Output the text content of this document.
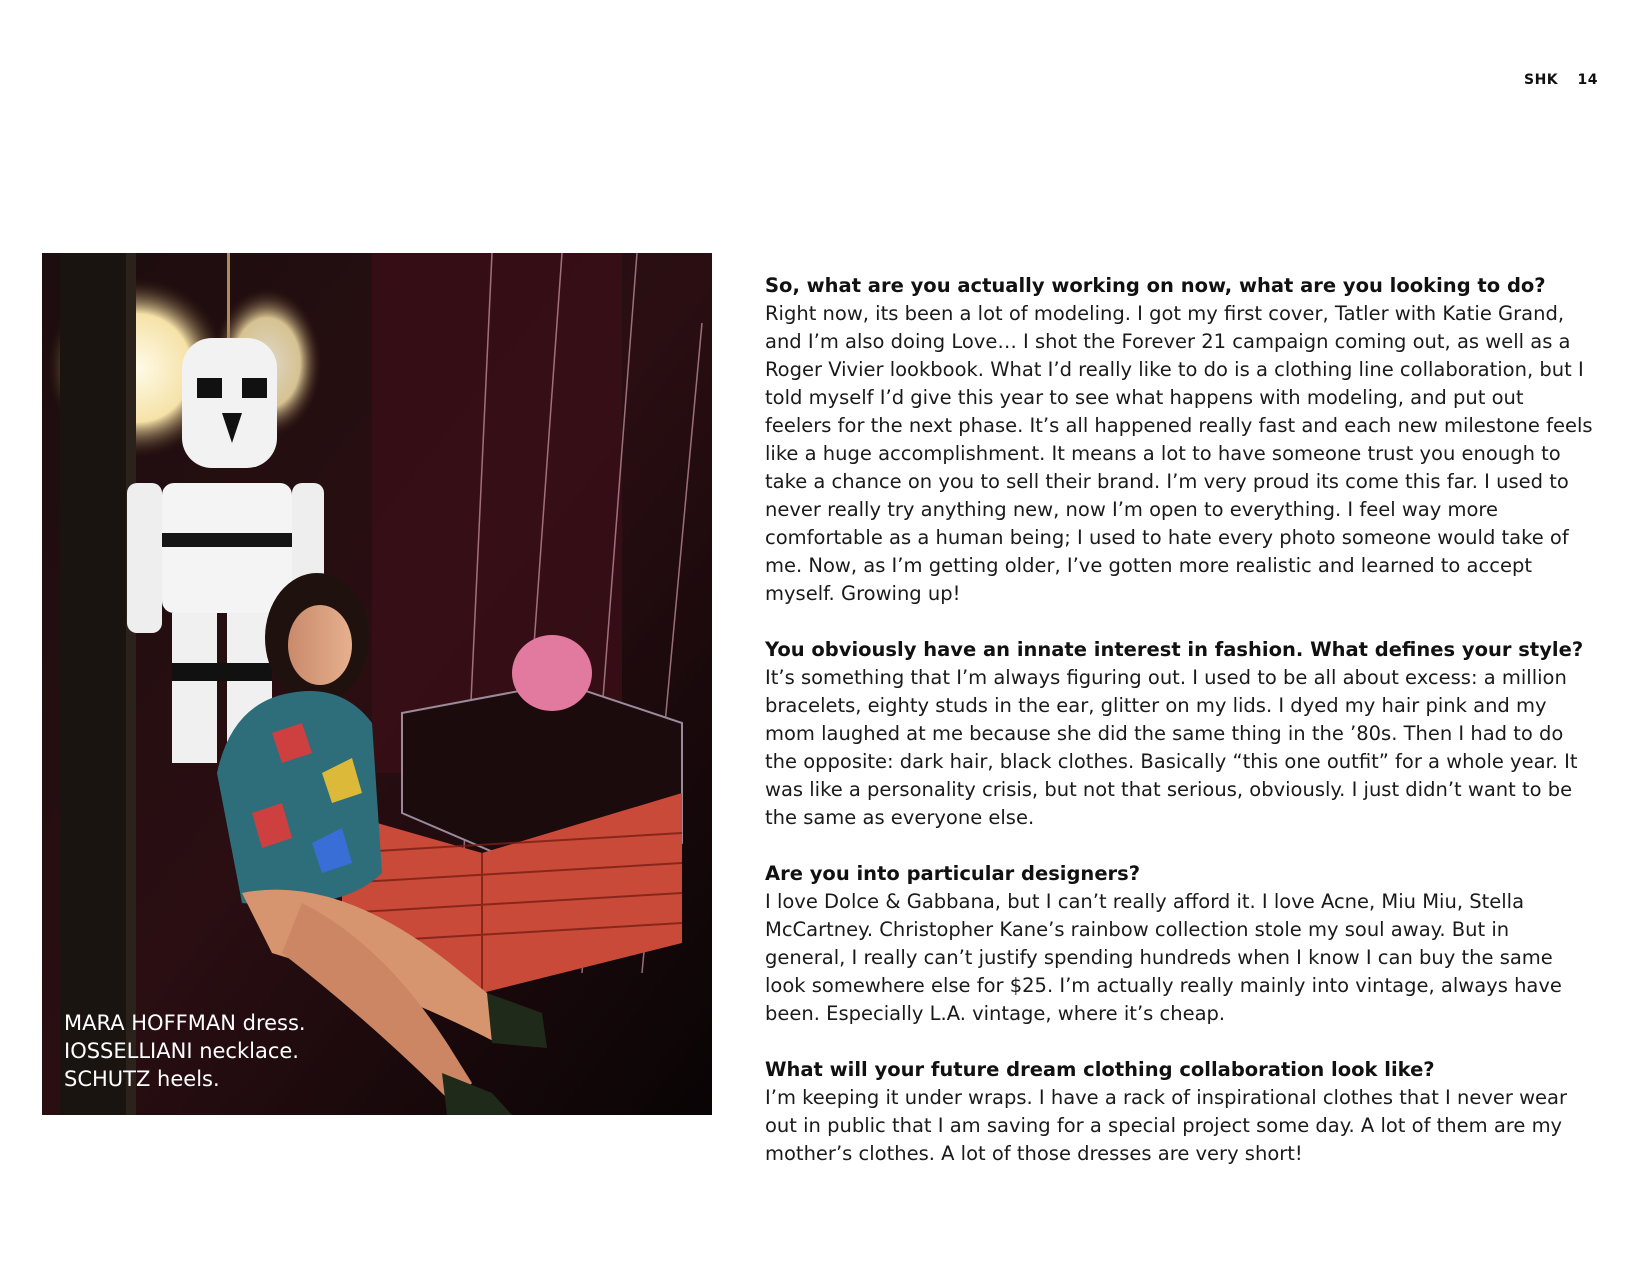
SHK 14
MARA HOFFMAN dress.
IOSSELLIANI necklace.
SCHUTZ heels.
So, what are you actually working on now, what are you looking to do?
Right now, its been a lot of modeling. I got my first cover, Tatler with Katie Grand, and I’m also doing Love… I shot the Forever 21 campaign coming out, as well as a Roger Vivier lookbook. What I’d really like to do is a clothing line collaboration, but I told myself I’d give this year to see what happens with modeling, and put out feelers for the next phase. It’s all happened really fast and each new milestone feels like a huge accomplishment. It means a lot to have someone trust you enough to take a chance on you to sell their brand. I’m very proud its come this far. I used to never really try anything new, now I’m open to everything. I feel way more comfortable as a human being; I used to hate every photo someone would take of me. Now, as I’m getting older, I’ve gotten more realistic and learned to accept myself. Growing up!
You obviously have an innate interest in fashion. What defines your style?
It’s something that I’m always figuring out. I used to be all about excess: a million bracelets, eighty studs in the ear, glitter on my lids. I dyed my hair pink and my mom laughed at me because she did the same thing in the ’80s. Then I had to do the opposite: dark hair, black clothes. Basically “this one outfit” for a whole year. It was like a personality crisis, but not that serious, obviously. I just didn’t want to be the same as everyone else.
Are you into particular designers?
I love Dolce & Gabbana, but I can’t really afford it. I love Acne, Miu Miu, Stella McCartney. Christopher Kane’s rainbow collection stole my soul away. But in general, I really can’t justify spending hundreds when I know I can buy the same look somewhere else for $25. I’m actually really mainly into vintage, always have been. Especially L.A. vintage, where it’s cheap.
What will your future dream clothing collaboration look like?
I’m keeping it under wraps. I have a rack of inspirational clothes that I never wear out in public that I am saving for a special project some day. A lot of them are my mother’s clothes. A lot of those dresses are very short!
